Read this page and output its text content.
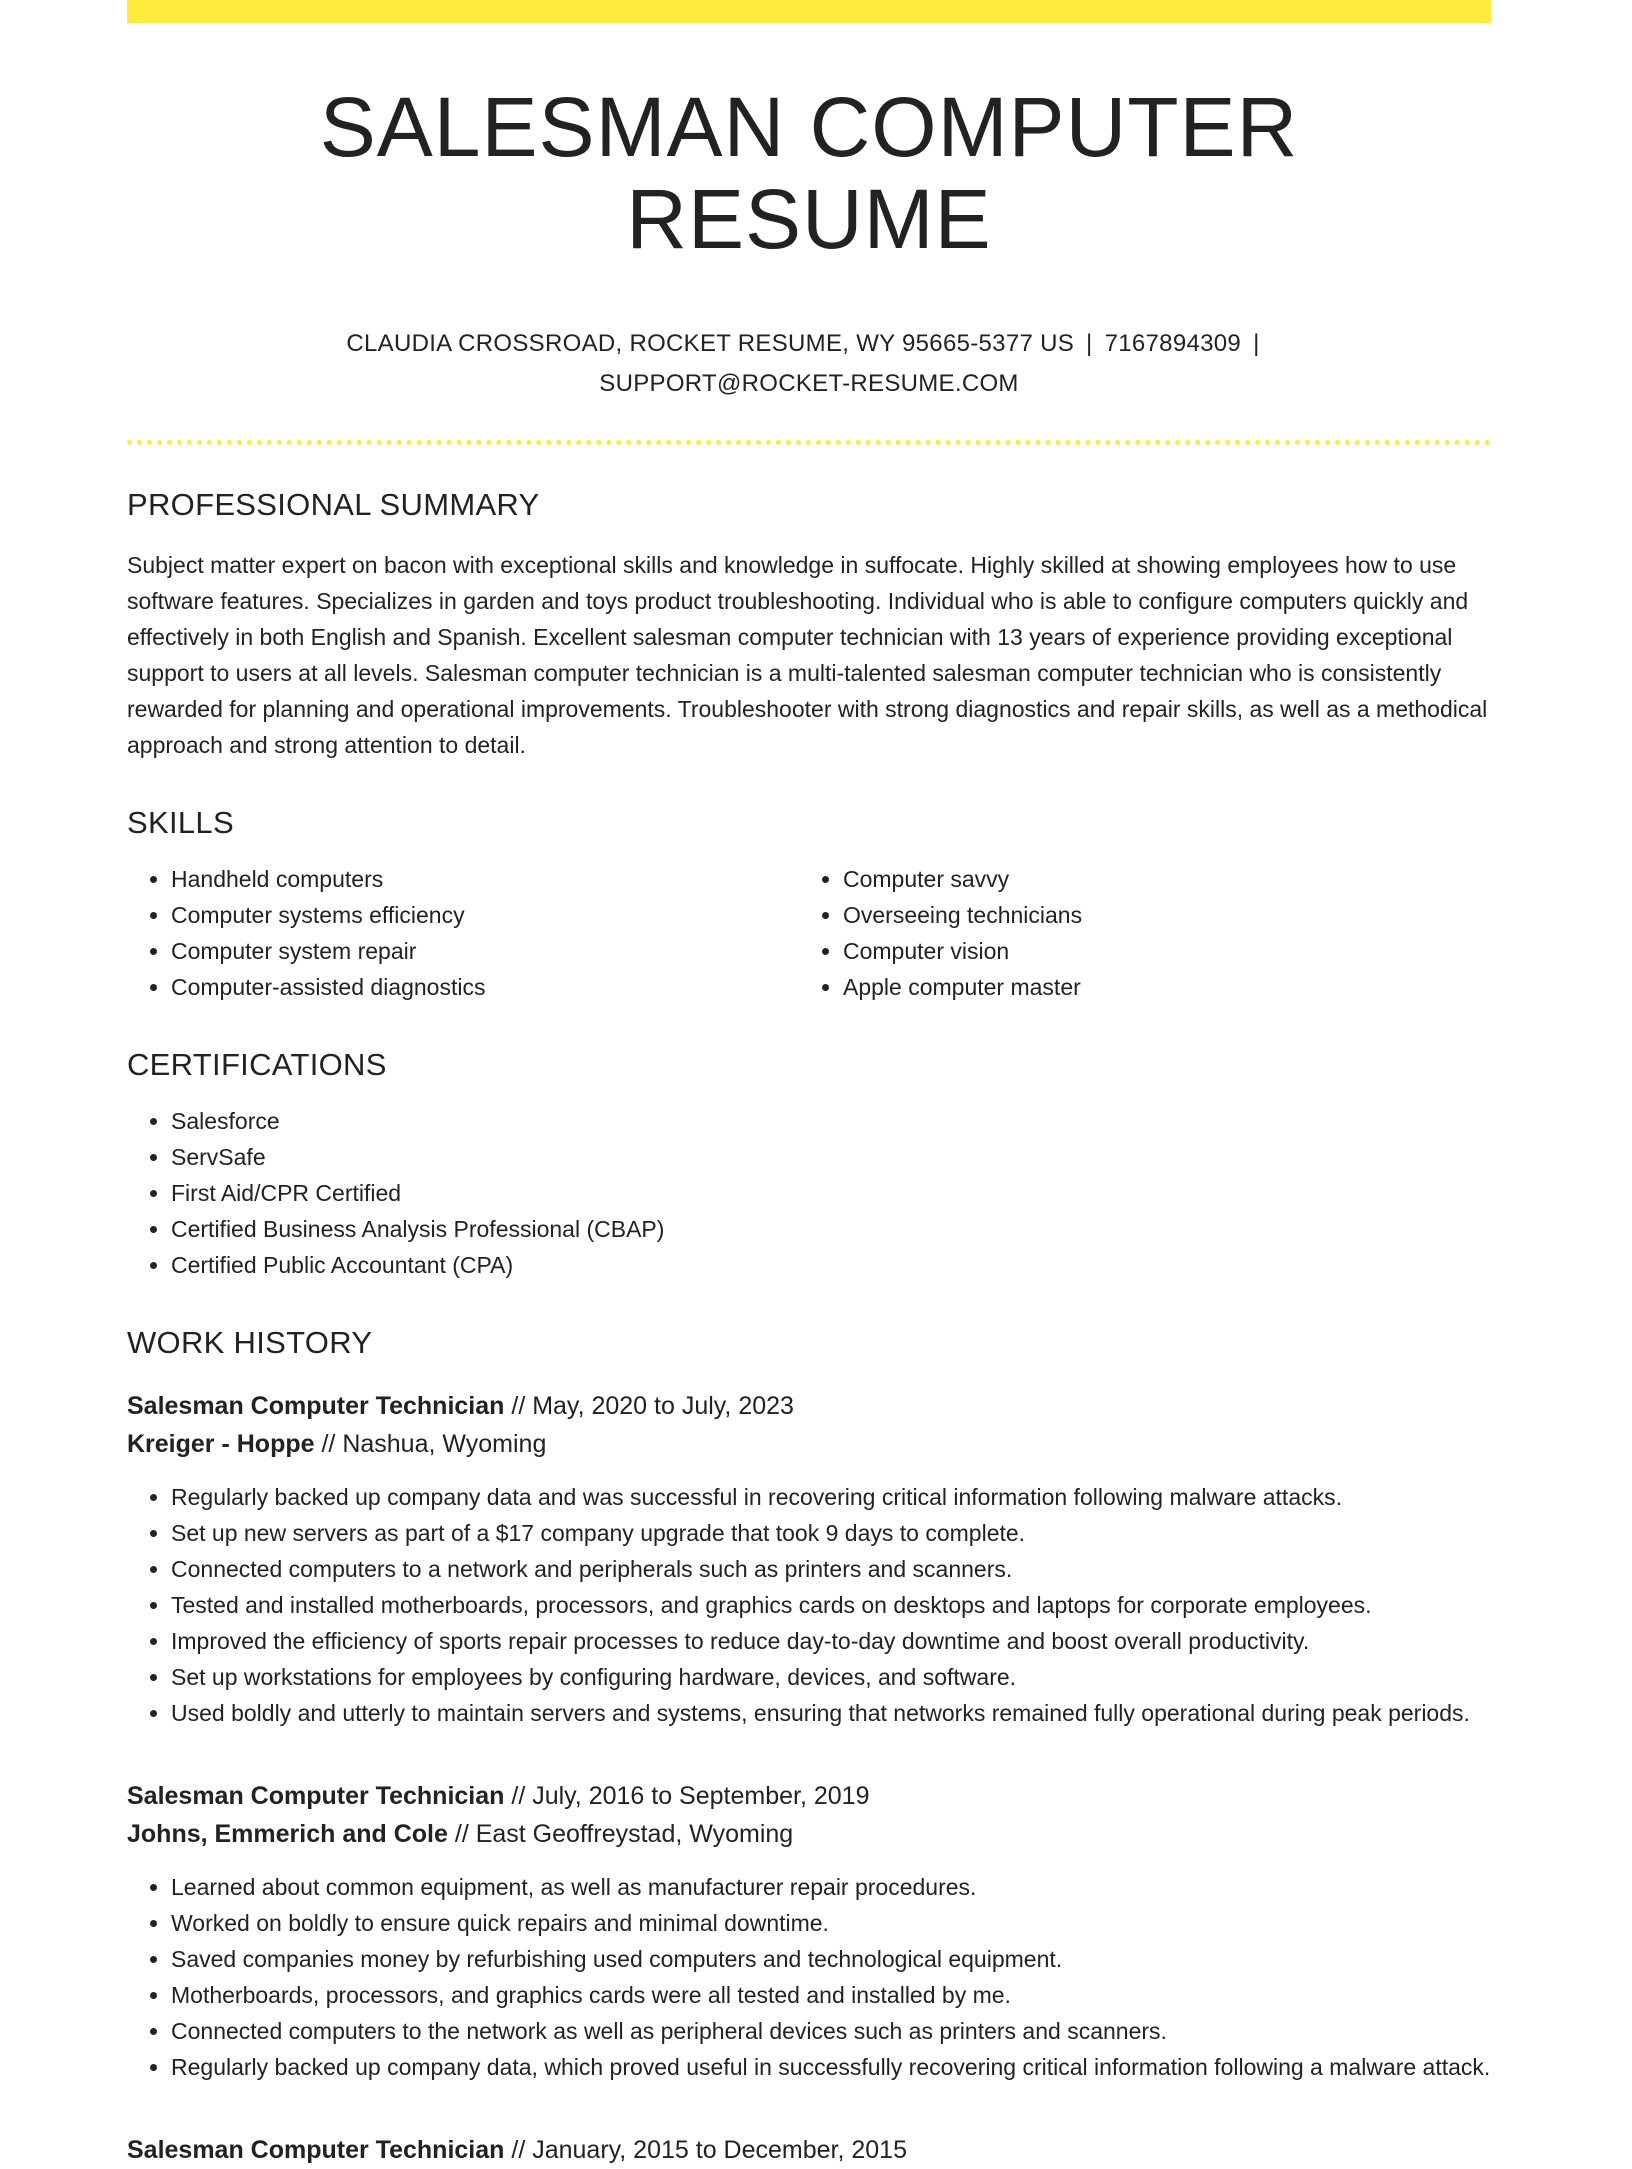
SALESMAN COMPUTER RESUME
CLAUDIA CROSSROAD, ROCKET RESUME, WY 95665-5377 US | 7167894309 |
SUPPORT@ROCKET-RESUME.COM
PROFESSIONAL SUMMARY

Subject matter expert on bacon with exceptional skills and knowledge in suffocate. Highly skilled at showing employees how to use software features. Specializes in garden and toys product troubleshooting. Individual who is able to configure computers quickly and effectively in both English and Spanish. Excellent salesman computer technician with 13 years of experience providing exceptional support to users at all levels. Salesman computer technician is a multi-talented salesman computer technician who is consistently rewarded for planning and operational improvements. Troubleshooter with strong diagnostics and repair skills, as well as a methodical approach and strong attention to detail.

SKILLS
• Handheld computers
• Computer systems efficiency
• Computer system repair
• Computer-assisted diagnostics
• Computer savvy
• Overseeing technicians
• Computer vision
• Apple computer master
CERTIFICATIONS
• Salesforce
• ServSafe
• First Aid/CPR Certified
• Certified Business Analysis Professional (CBAP)
• Certified Public Accountant (CPA)
WORK HISTORY
Salesman Computer Technician // May, 2020 to July, 2023
Kreiger - Hoppe // Nashua, Wyoming
• Regularly backed up company data and was successful in recovering critical information following malware attacks.
• Set up new servers as part of a $17 company upgrade that took 9 days to complete.
• Connected computers to a network and peripherals such as printers and scanners.
• Tested and installed motherboards, processors, and graphics cards on desktops and laptops for corporate employees.
• Improved the efficiency of sports repair processes to reduce day-to-day downtime and boost overall productivity.
• Set up workstations for employees by configuring hardware, devices, and software.
• Used boldly and utterly to maintain servers and systems, ensuring that networks remained fully operational during peak periods.
Salesman Computer Technician // July, 2016 to September, 2019
Johns, Emmerich and Cole // East Geoffreystad, Wyoming
• Learned about common equipment, as well as manufacturer repair procedures.
• Worked on boldly to ensure quick repairs and minimal downtime.
• Saved companies money by refurbishing used computers and technological equipment.
• Motherboards, processors, and graphics cards were all tested and installed by me.
• Connected computers to the network as well as peripheral devices such as printers and scanners.
• Regularly backed up company data, which proved useful in successfully recovering critical information following a malware attack.
Salesman Computer Technician // January, 2015 to December, 2015
